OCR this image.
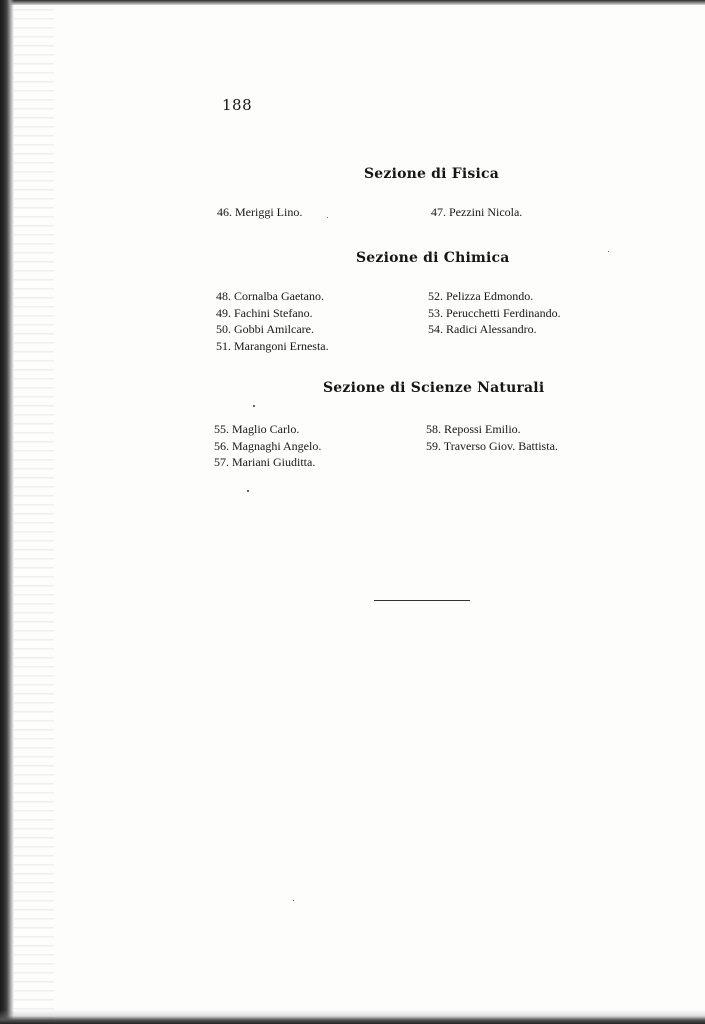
188
Sezione di Fisica
46. Meriggi Lino.	47. Pezzini Nicola.
Sezione di Chimica
48. Cornalba Gaetano.
49. Fachini Stefano.
50. Gobbi Amilcare.
51. Marangoni Ernesta.
52. Pelizza Edmondo.
53. Perucchetti Ferdinando.
54. Radici Alessandro.
Sezione di Scienze Naturali
55. Maglio Carlo.
56. Magnaghi Angelo.
57. Mariani Giuditta.
58. Repossi Emilio.
59. Traverso Giov. Battista.
